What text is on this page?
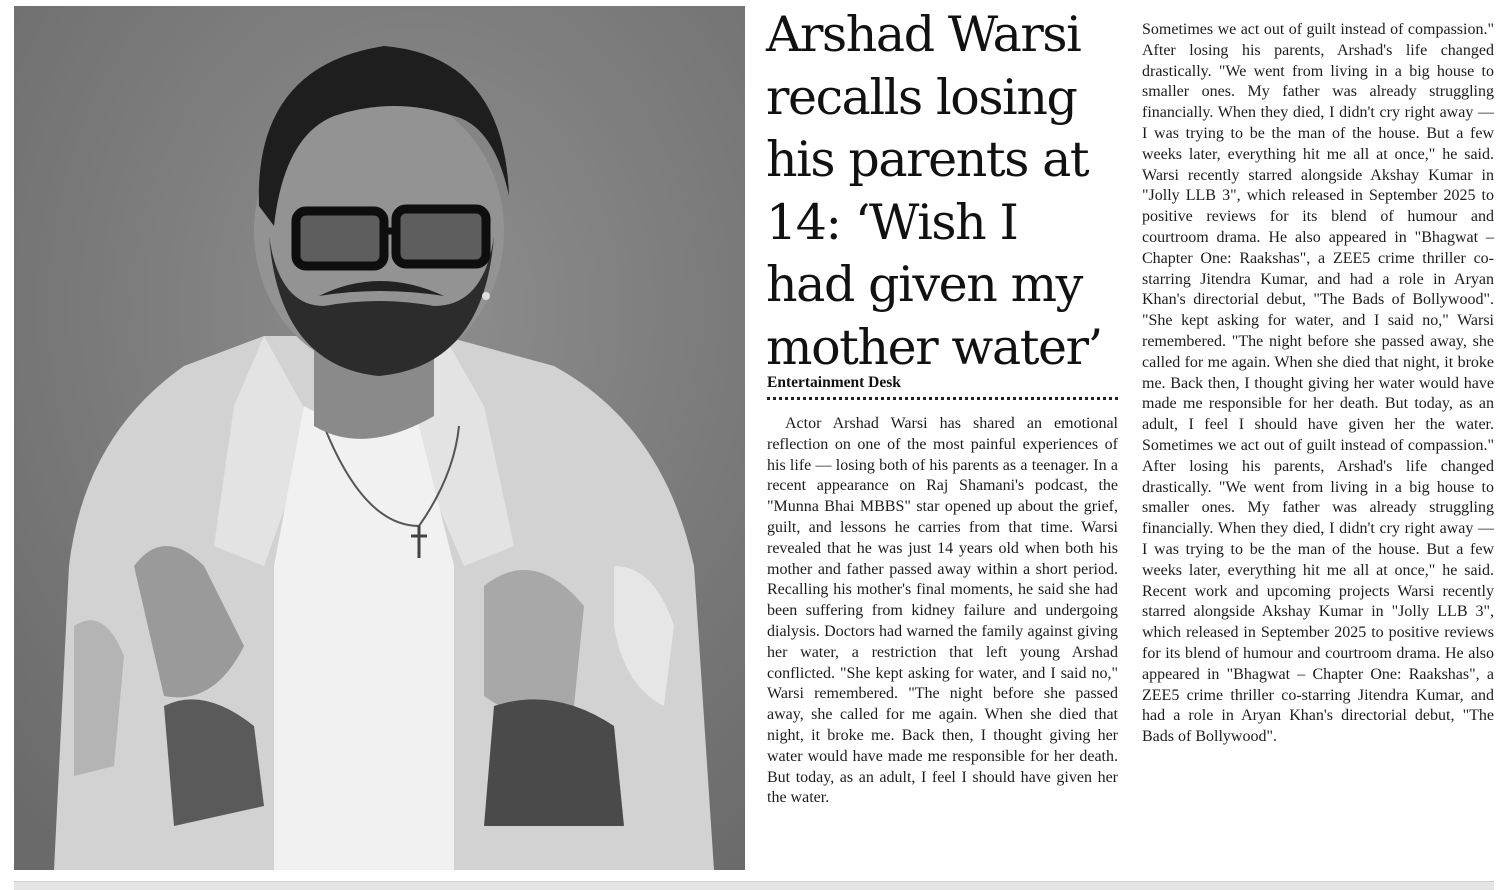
Arshad Warsi recalls losing his parents at 14: ‘Wish I had given my mother water’
Entertainment Desk

Actor Arshad Warsi has shared an emotional reflection on one of the most painful experiences of his life — losing both of his parents as a teenager. In a recent appearance on Raj Shamani's podcast, the "Munna Bhai MBBS" star opened up about the grief, guilt, and lessons he carries from that time. Warsi revealed that he was just 14 years old when both his mother and father passed away within a short period. Recalling his mother's final moments, he said she had been suffering from kidney failure and undergoing dialysis. Doctors had warned the family against giving her water, a restriction that left young Arshad conflicted. "She kept asking for water, and I said no," Warsi remembered. "The night before she passed away, she called for me again. When she died that night, it broke me. Back then, I thought giving her water would have made me responsible for her death. But today, as an adult, I feel I should have given her the water.

Sometimes we act out of guilt instead of compassion." After losing his parents, Arshad's life changed drastically. "We went from living in a big house to smaller ones. My father was already struggling financially. When they died, I didn't cry right away — I was trying to be the man of the house. But a few weeks later, everything hit me all at once," he said. Warsi recently starred alongside Akshay Kumar in "Jolly LLB 3", which released in September 2025 to positive reviews for its blend of humour and courtroom drama. He also appeared in "Bhagwat – Chapter One: Raakshas", a ZEE5 crime thriller co-starring Jitendra Kumar, and had a role in Aryan Khan's directorial debut, "The Bads of Bollywood". "She kept asking for water, and I said no," Warsi remembered. "The night before she passed away, she called for me again. When she died that night, it broke me. Back then, I thought giving her water would have made me responsible for her death. But today, as an adult, I feel I should have given her the water. Sometimes we act out of guilt instead of compassion." After losing his parents, Arshad's life changed drastically. "We went from living in a big house to smaller ones. My father was already struggling financially. When they died, I didn't cry right away — I was trying to be the man of the house. But a few weeks later, everything hit me all at once," he said. Recent work and upcoming projects Warsi recently starred alongside Akshay Kumar in "Jolly LLB 3", which released in September 2025 to positive reviews for its blend of humour and courtroom drama. He also appeared in "Bhagwat – Chapter One: Raakshas", a ZEE5 crime thriller co-starring Jitendra Kumar, and had a role in Aryan Khan's directorial debut, "The Bads of Bollywood".
